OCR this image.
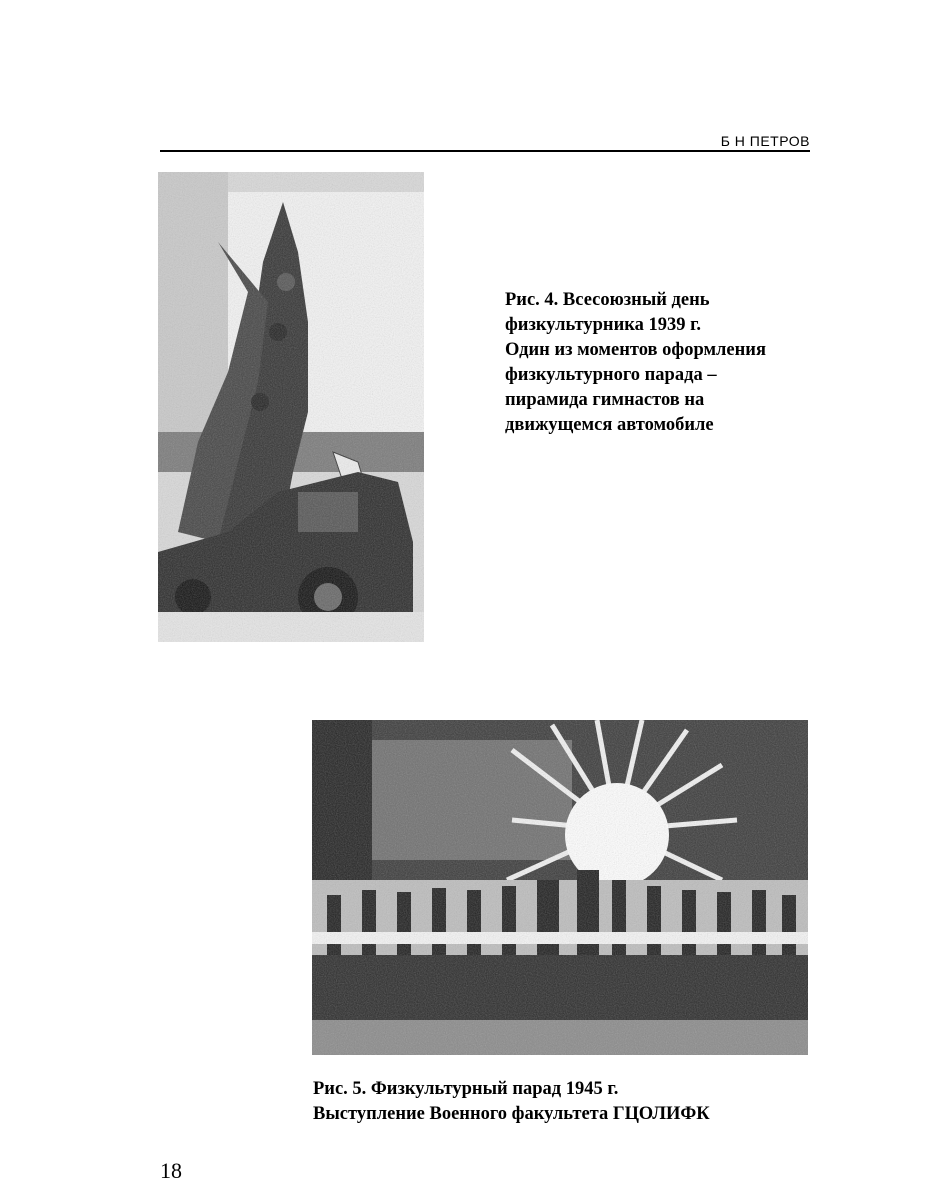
Б Н ПЕТРОВ
Рис. 4. Всесоюзный день
физкультурника 1939 г.
Один из моментов оформления
физкультурного парада –
пирамида гимнастов на
движущемся автомобиле
Рис. 5. Физкультурный парад 1945 г.
Выступление Военного факультета ГЦОЛИФК
18
